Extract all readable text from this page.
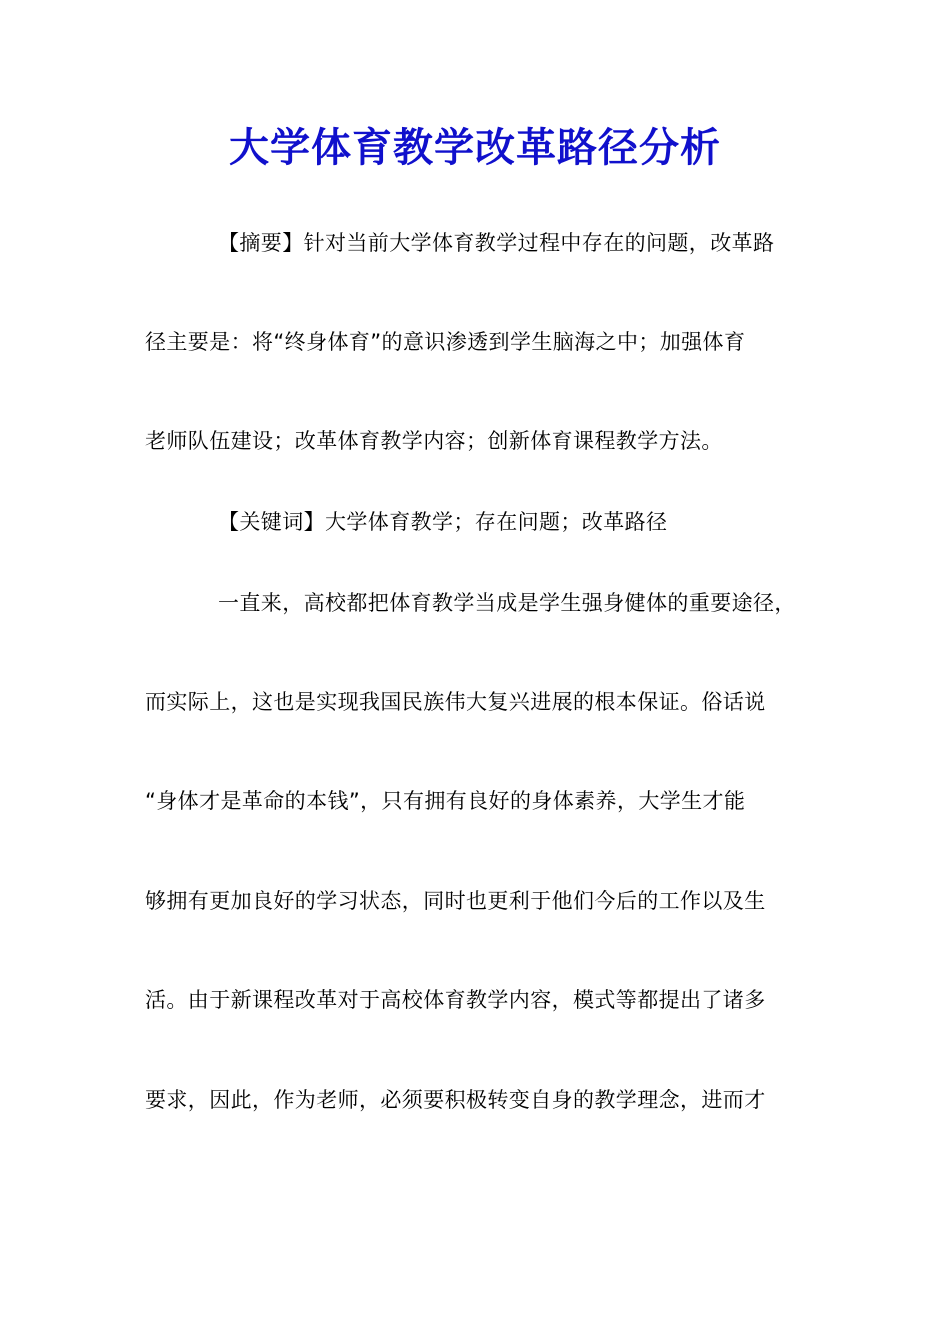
大学体育教学改革路径分析
【摘要】针对当前大学体育教学过程中存在的问题，改革路
径主要是：将“终身体育”的意识渗透到学生脑海之中；加强体育
老师队伍建设；改革体育教学内容；创新体育课程教学方法。
【关键词】大学体育教学；存在问题；改革路径
一直来，高校都把体育教学当成是学生强身健体的重要途径，
而实际上，这也是实现我国民族伟大复兴进展的根本保证。俗话说
“身体才是革命的本钱”，只有拥有良好的身体素养，大学生才能
够拥有更加良好的学习状态，同时也更利于他们今后的工作以及生
活。由于新课程改革对于高校体育教学内容，模式等都提出了诸多
要求，因此，作为老师，必须要积极转变自身的教学理念，进而才
